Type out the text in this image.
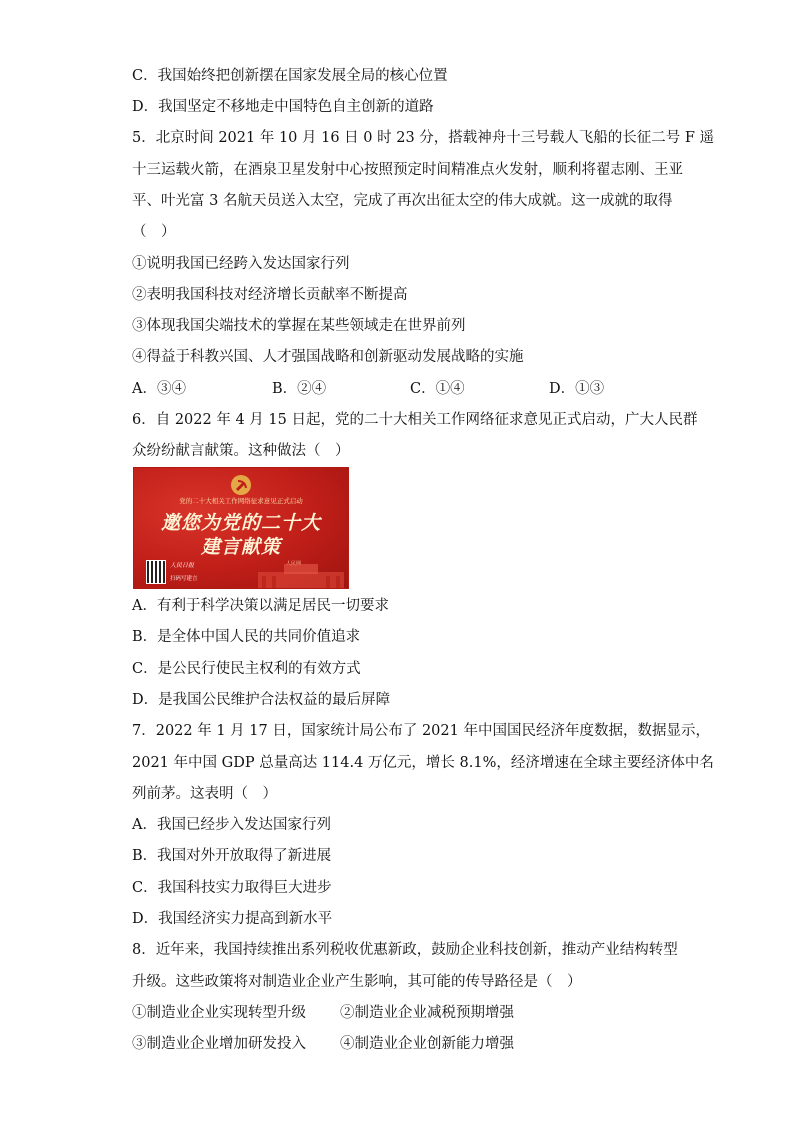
C．我国始终把创新摆在国家发展全局的核心位置

D．我国坚定不移地走中国特色自主创新的道路

5．北京时间 2021 年 10 月 16 日 0 时 23 分，搭载神舟十三号载人飞船的长征二号 F 遥

十三运载火箭，在酒泉卫星发射中心按照预定时间精准点火发射，顺利将翟志刚、王亚

平、叶光富 3 名航天员送入太空，完成了再次出征太空的伟大成就。这一成就的取得

（　）

①说明我国已经跨入发达国家行列

②表明我国科技对经济增长贡献率不断提高

③体现我国尖端技术的掌握在某些领域走在世界前列

④得益于科教兴国、人才强国战略和创新驱动发展战略的实施

A．③④	B．②④	C．①④	D．①③

6．自 2022 年 4 月 15 日起，党的二十大相关工作网络征求意见正式启动，广大人民群

众纷纷献言献策。这种做法（　）

党的二十大相关工作网络征求意见正式启动
邀您为党的二十大
建言献策
人民日报
扫码写建言

A．有利于科学决策以满足居民一切要求

B．是全体中国人民的共同价值追求

C．是公民行使民主权利的有效方式

D．是我国公民维护合法权益的最后屏障

7．2022 年 1 月 17 日，国家统计局公布了 2021 年中国国民经济年度数据，数据显示，

2021 年中国 GDP 总量高达 114.4 万亿元，增长 8.1%，经济增速在全球主要经济体中名

列前茅。这表明（　）

A．我国已经步入发达国家行列

B．我国对外开放取得了新进展

C．我国科技实力取得巨大进步

D．我国经济实力提高到新水平

8．近年来，我国持续推出系列税收优惠新政，鼓励企业科技创新，推动产业结构转型

升级。这些政策将对制造业企业产生影响，其可能的传导路径是（　）

①制造业企业实现转型升级 ②制造业企业减税预期增强
③制造业企业增加研发投入 ④制造业企业创新能力增强
